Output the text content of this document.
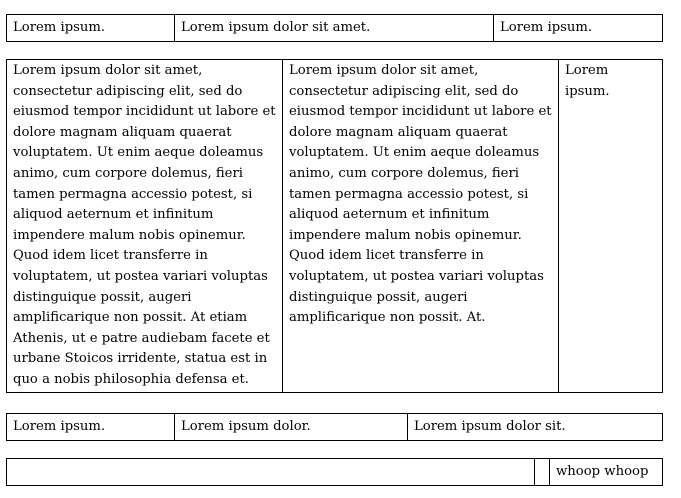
Lorem ipsum.	Lorem ipsum dolor sit amet.	Lorem ipsum.
Lorem ipsum dolor sit amet, consectetur adipiscing elit, sed do eiusmod tempor incididunt ut labore et dolore magnam aliquam quaerat voluptatem. Ut enim aeque doleamus animo, cum corpore dolemus, fieri tamen permagna accessio potest, si aliquod aeternum et infinitum impendere malum nobis opinemur. Quod idem licet transferre in voluptatem, ut postea variari voluptas distinguique possit, augeri amplificarique non possit. At etiam Athenis, ut e patre audiebam facete et urbane Stoicos irridente, statua est in quo a nobis philosophia defensa et.	Lorem ipsum dolor sit amet, consectetur adipiscing elit, sed do eiusmod tempor incididunt ut labore et dolore magnam aliquam quaerat voluptatem. Ut enim aeque doleamus animo, cum corpore dolemus, fieri tamen permagna accessio potest, si aliquod aeternum et infinitum impendere malum nobis opinemur. Quod idem licet transferre in voluptatem, ut postea variari voluptas distinguique possit, augeri amplificarique non possit. At.	Lorem ipsum.
Lorem ipsum.	Lorem ipsum dolor.	Lorem ipsum dolor sit.
		whoop whoop
